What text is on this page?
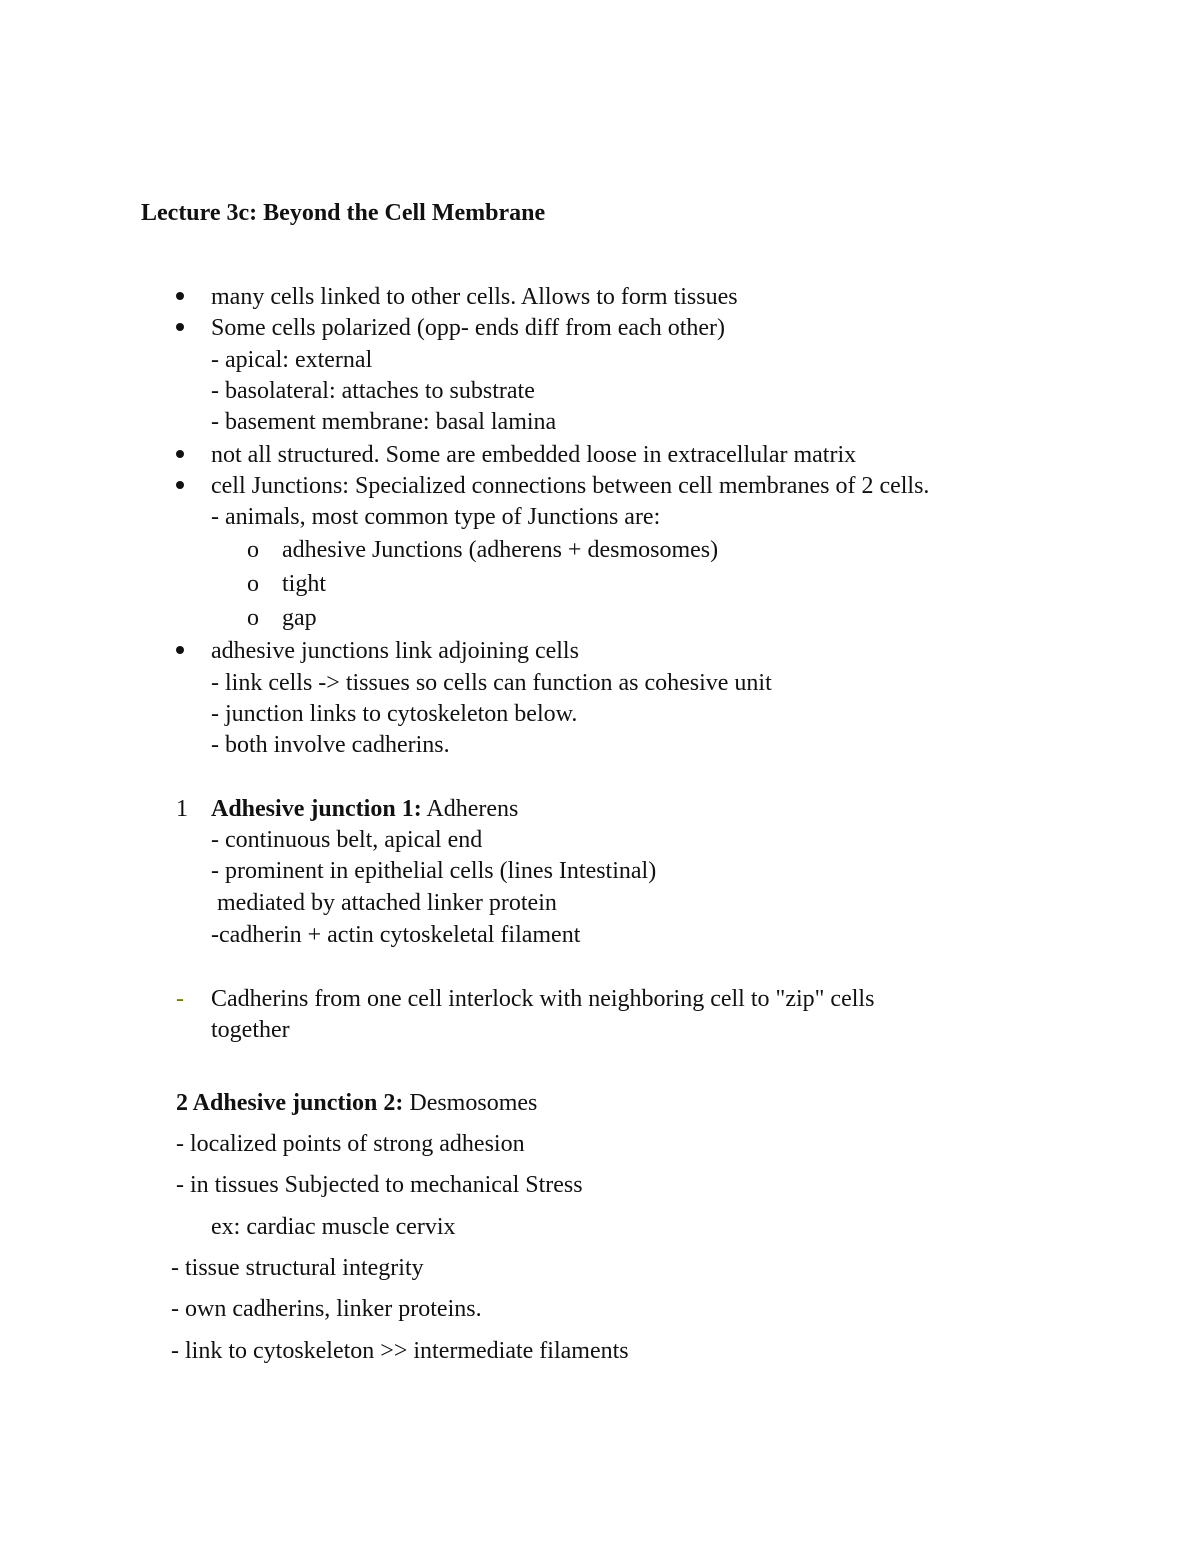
Lecture 3c: Beyond the Cell Membrane
many cells linked to other cells. Allows to form tissues
Some cells polarized (opp- ends diff from each other)
- apical: external
- basolateral: attaches to substrate
- basement membrane: basal lamina
not all structured. Some are embedded loose in extracellular matrix
cell Junctions: Specialized connections between cell membranes of 2 cells.
- animals, most common type of Junctions are:
o adhesive Junctions (adherens + desmosomes)
o tight
o gap
adhesive junctions link adjoining cells
- link cells -> tissues so cells can function as cohesive unit
- junction links to cytoskeleton below.
- both involve cadherins.
1 Adhesive junction 1: Adherens
- continuous belt, apical end
- prominent in epithelial cells (lines Intestinal)
mediated by attached linker protein
-cadherin + actin cytoskeletal filament
- Cadherins from one cell interlock with neighboring cell to "zip" cells
together
2 Adhesive junction 2: Desmosomes
- localized points of strong adhesion
- in tissues Subjected to mechanical Stress
ex: cardiac muscle cervix
- tissue structural integrity
- own cadherins, linker proteins.
- link to cytoskeleton >> intermediate filaments
